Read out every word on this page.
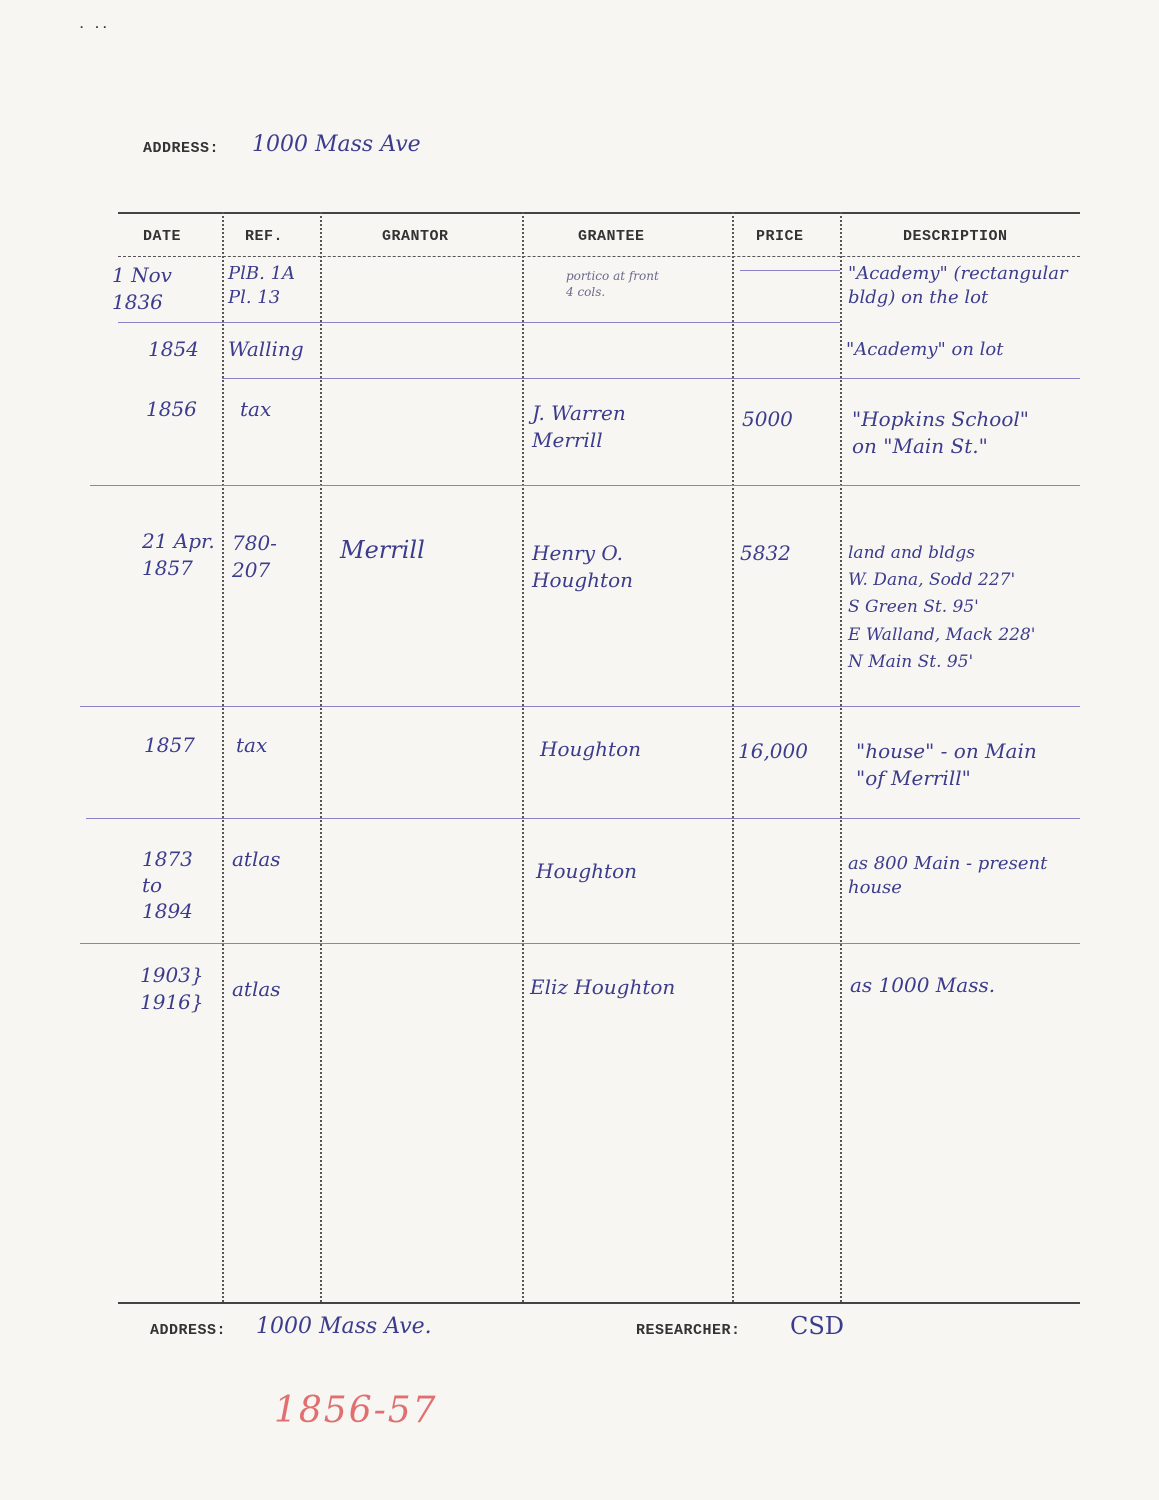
. ..
ADDRESS: 1000 Mass Ave
DATE	REF.	GRANTOR	GRANTEE	PRICE	DESCRIPTION
1 Nov
1836
PlB. 1A
Pl. 13
portico at front
4 cols.
"Academy" (rectangular
bldg) on the lot
1854 Walling	"Academy" on lot
1856 tax	J. Warren
Merrill
5000	"Hopkins School"
on "Main St."
21 Apr.
1857
780-
207
Merrill	Henry O.
Houghton
5832	land and bldgs
W. Dana, Sodd 227'
S Green St. 95'
E Walland, Mack 228'
N Main St. 95'
1857 tax	Houghton	16,000 "house" - on Main
"of Merrill"
1873
to
1894
atlas	Houghton	as 800 Main - present
house
1903}
1916}
atlas	Eliz Houghton	as 1000 Mass.
ADDRESS: 1000 Mass Ave.	RESEARCHER: CSD
1856-57
